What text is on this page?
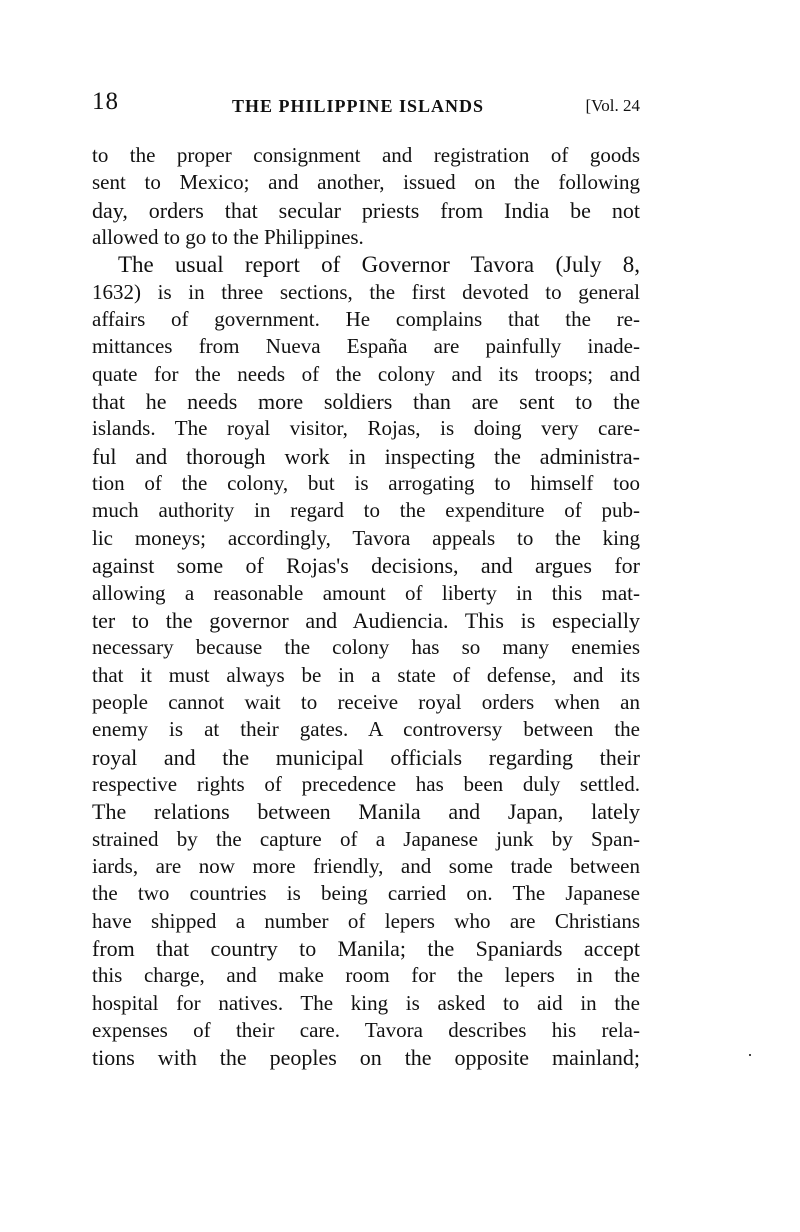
18	THE PHILIPPINE ISLANDS	[Vol. 24
to the proper consignment and registration of goods
sent to Mexico; and another, issued on the following
day, orders that secular priests from India be not
allowed to go to the Philippines.
The usual report of Governor Tavora (July 8,
1632) is in three sections, the first devoted to general
affairs of government. He complains that the re-
mittances from Nueva España are painfully inade-
quate for the needs of the colony and its troops; and
that he needs more soldiers than are sent to the
islands. The royal visitor, Rojas, is doing very care-
ful and thorough work in inspecting the administra-
tion of the colony, but is arrogating to himself too
much authority in regard to the expenditure of pub-
lic moneys; accordingly, Tavora appeals to the king
against some of Rojas's decisions, and argues for
allowing a reasonable amount of liberty in this mat-
ter to the governor and Audiencia. This is especially
necessary because the colony has so many enemies
that it must always be in a state of defense, and its
people cannot wait to receive royal orders when an
enemy is at their gates. A controversy between the
royal and the municipal officials regarding their
respective rights of precedence has been duly settled.
The relations between Manila and Japan, lately
strained by the capture of a Japanese junk by Span-
iards, are now more friendly, and some trade between
the two countries is being carried on. The Japanese
have shipped a number of lepers who are Christians
from that country to Manila; the Spaniards accept
this charge, and make room for the lepers in the
hospital for natives. The king is asked to aid in the
expenses of their care. Tavora describes his rela-
tions with the peoples on the opposite mainland;
